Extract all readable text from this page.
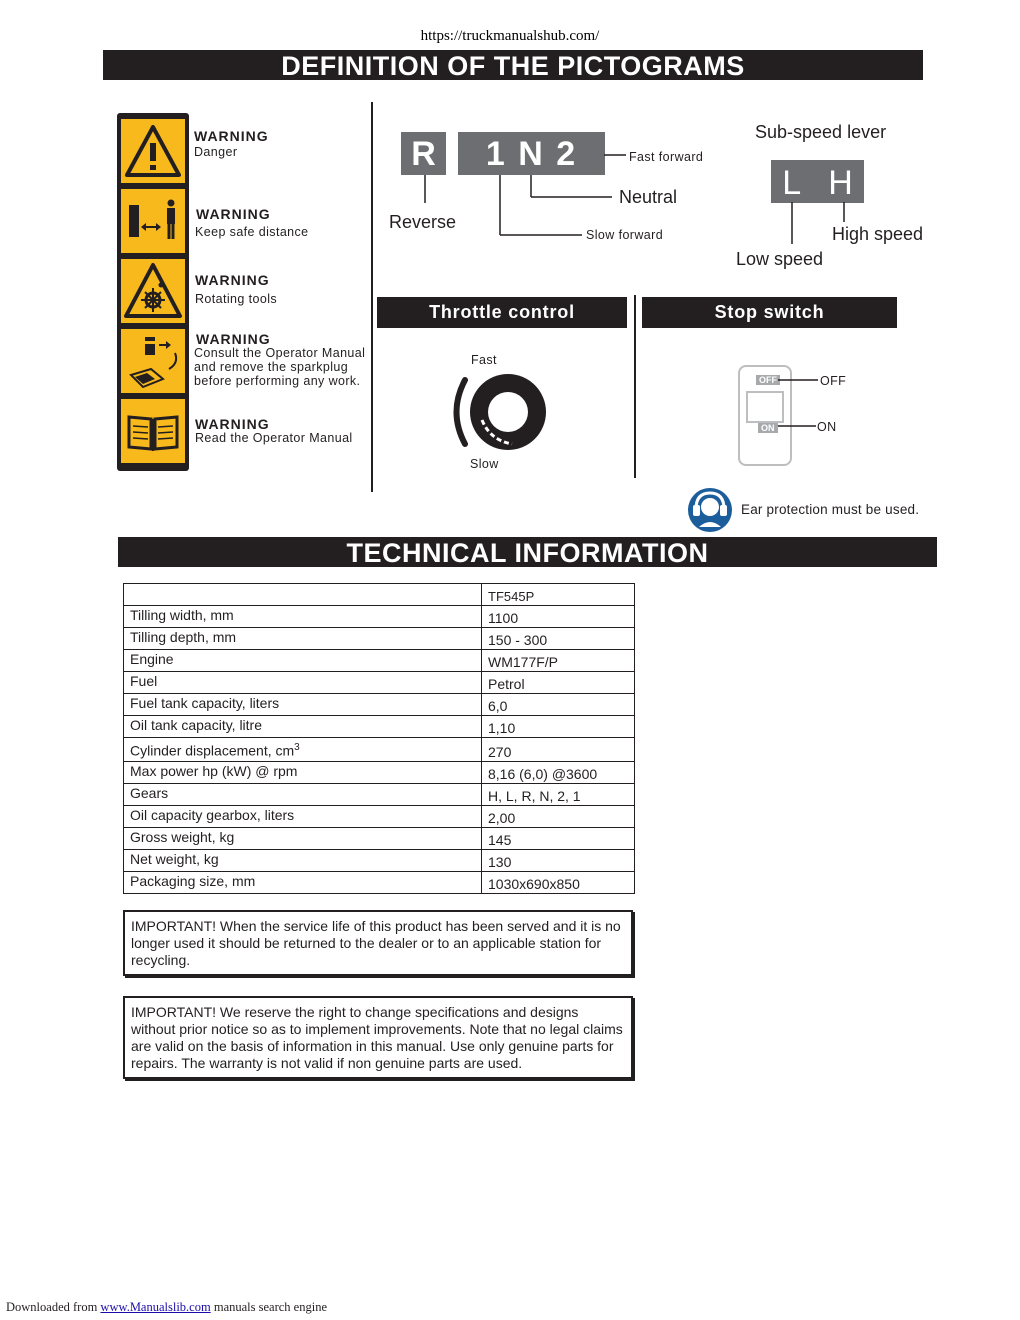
https://truckmanualshub.com/
DEFINITION OF THE PICTOGRAMS
WARNING
Danger
WARNING
Keep safe distance
WARNING
Rotating tools
WARNING
Consult the Operator Manual
and remove the sparkplug
before performing any work.
WARNING
Read the Operator Manual
R	1 N 2	Fast forward
Neutral
Reverse
Slow forward
Sub-speed lever
L   H
High speed
Low speed
Throttle control
Fast
Slow
Stop switch
OFF
ON
OFF
ON
Ear protection must be used.
TECHNICAL INFORMATION
	TF545P
Tilling width, mm	1100
Tilling depth, mm	150 - 300
Engine	WM177F/P
Fuel	Petrol
Fuel tank capacity, liters	6,0
Oil tank capacity, litre	1,10
Cylinder displacement, $cm^3$	270
Max power hp (kW) @ rpm	8,16 (6,0) @3600
Gears	H, L, R, N, 2, 1
Oil capacity gearbox, liters	2,00
Gross weight, kg	145
Net weight, kg	130
Packaging size, mm	1030x690x850
IMPORTANT! When the service life of this product has been served and it is no longer used it should be returned to the dealer or to an applicable station for recycling.
IMPORTANT! We reserve the right to change specifications and designs without prior notice so as to implement improvements. Note that no legal claims are valid on the basis of information in this manual. Use only genuine parts for repairs. The warranty is not valid if non genuine parts are used.
Downloaded from www.Manualslib.com manuals search engine
